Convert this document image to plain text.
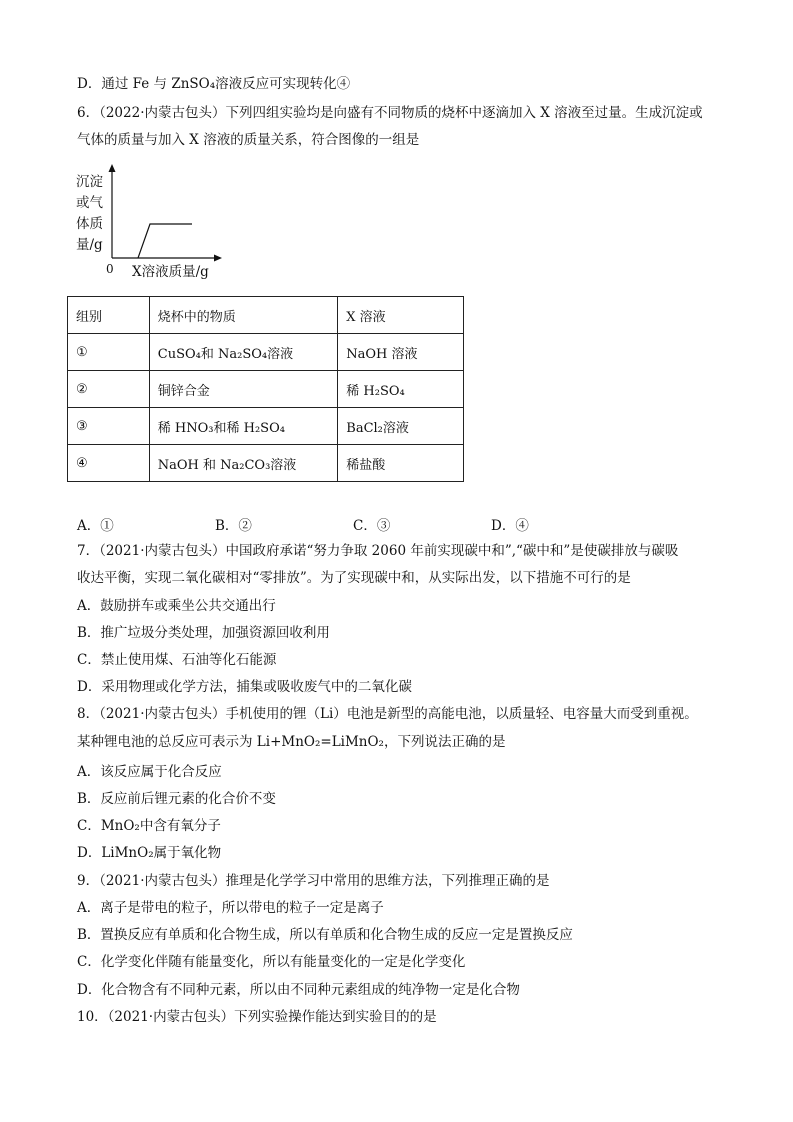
D．通过 Fe 与 ZnSO₄溶液反应可实现转化④
6．（2022·内蒙古包头）下列四组实验均是向盛有不同物质的烧杯中逐滴加入 X 溶液至过量。生成沉淀或
气体的质量与加入 X 溶液的质量关系，符合图像的一组是
沉淀
或气
体质
量/g
0 X溶液质量/g
组别	烧杯中的物质	X 溶液
①	CuSO₄和 Na₂SO₄溶液	NaOH 溶液
②	铜锌合金	稀 H₂SO₄
③	稀 HNO₃和稀 H₂SO₄	BaCl₂溶液
④	NaOH 和 Na₂CO₃溶液	稀盐酸
A．①	B．②	C．③	D．④
7．（2021·内蒙古包头）中国政府承诺“努力争取 2060 年前实现碳中和”,“碳中和”是使碳排放与碳吸
收达平衡，实现二氧化碳相对“零排放”。为了实现碳中和，从实际出发，以下措施不可行的是
A．鼓励拼车或乘坐公共交通出行
B．推广垃圾分类处理，加强资源回收利用
C．禁止使用煤、石油等化石能源
D．采用物理或化学方法，捕集或吸收废气中的二氧化碳
8．（2021·内蒙古包头）手机使用的锂（Li）电池是新型的高能电池，以质量轻、电容量大而受到重视。
某种锂电池的总反应可表示为 Li+MnO₂=LiMnO₂，下列说法正确的是
A．该反应属于化合反应
B．反应前后锂元素的化合价不变
C．MnO₂中含有氧分子
D．LiMnO₂属于氧化物
9．（2021·内蒙古包头）推理是化学学习中常用的思维方法，下列推理正确的是
A．离子是带电的粒子，所以带电的粒子一定是离子
B．置换反应有单质和化合物生成，所以有单质和化合物生成的反应一定是置换反应
C．化学变化伴随有能量变化，所以有能量变化的一定是化学变化
D．化合物含有不同种元素，所以由不同种元素组成的纯净物一定是化合物
10．（2021·内蒙古包头）下列实验操作能达到实验目的的是
